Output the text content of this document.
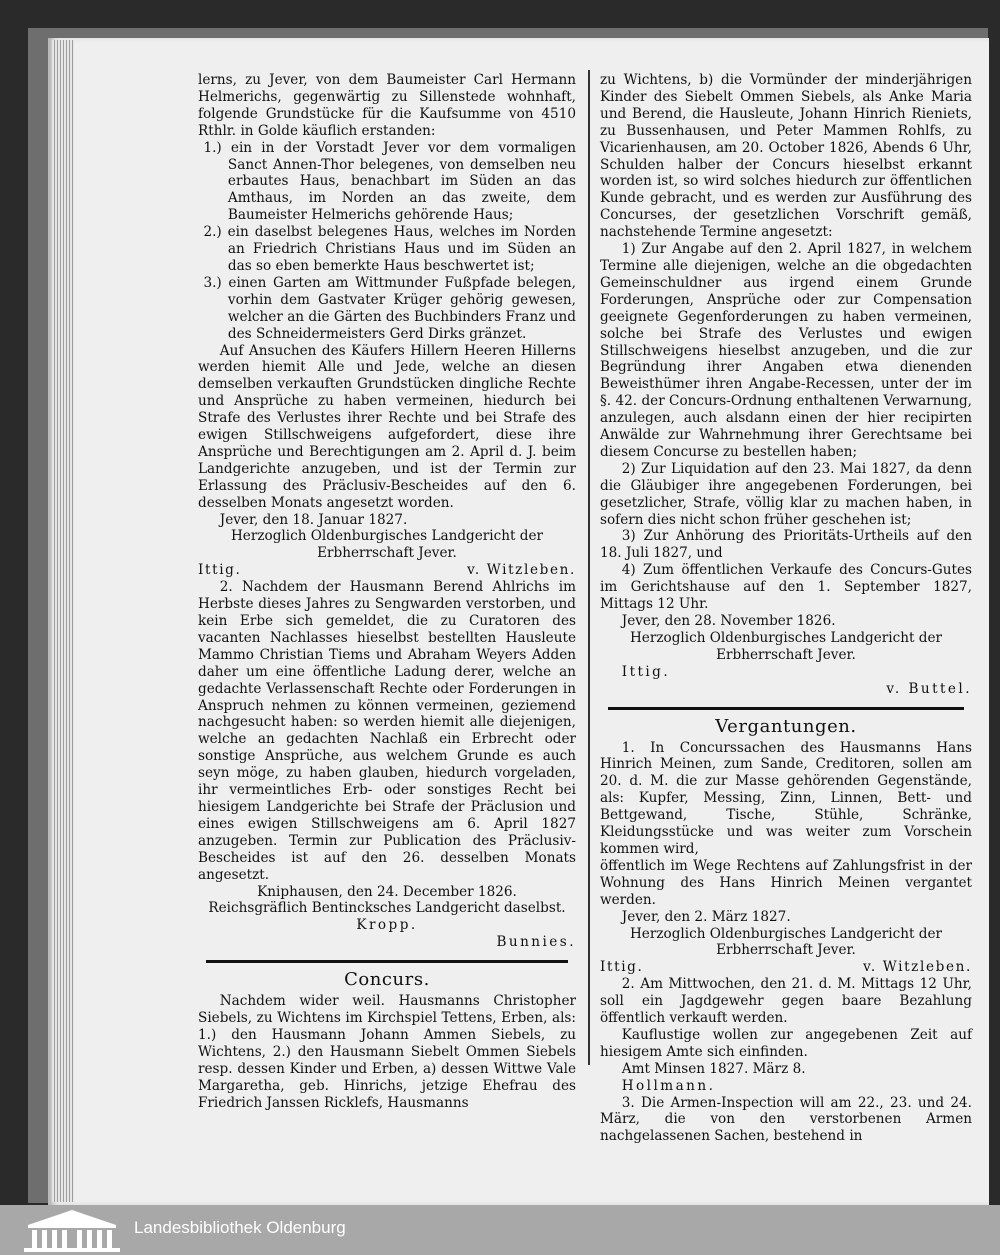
lerns, zu Jever, von dem Baumeister Carl Hermann Helmerichs, gegenwärtig zu Sillenstede wohnhaft, folgende Grundstücke für die Kaufsumme von 4510 Rthlr. in Golde käuflich erstanden:

1.) ein in der Vorstadt Jever vor dem vormaligen Sanct Annen-Thor belegenes, von demselben neu erbautes Haus, benachbart im Süden an das Amthaus, im Norden an das zweite, dem Baumeister Helmerichs gehörende Haus;

2.) ein daselbst belegenes Haus, welches im Norden an Friedrich Christians Haus und im Süden an das so eben bemerkte Haus beschwertet ist;

3.) einen Garten am Wittmunder Fußpfade belegen, vorhin dem Gastvater Krüger gehörig gewesen, welcher an die Gärten des Buchbinders Franz und des Schneidermeisters Gerd Dirks gränzet.

Auf Ansuchen des Käufers Hillern Heeren Hillerns werden hiemit Alle und Jede, welche an diesen demselben verkauften Grundstücken dingliche Rechte und Ansprüche zu haben vermeinen, hiedurch bei Strafe des Verlustes ihrer Rechte und bei Strafe des ewigen Stillschweigens aufgefordert, diese ihre Ansprüche und Berechtigungen am 2. April d. J. beim Landgerichte anzugeben, und ist der Termin zur Erlassung des Präclusiv-Bescheides auf den 6. desselben Monats angesetzt worden.

Jever, den 18. Januar 1827.

Herzoglich Oldenburgisches Landgericht der Erbherrschaft Jever.

Ittig.	v. Witzleben.

2. Nachdem der Hausmann Berend Ahlrichs im Herbste dieses Jahres zu Sengwarden verstorben, und kein Erbe sich gemeldet, die zu Curatoren des vacanten Nachlasses hieselbst bestellten Hausleute Mammo Christian Tiems und Abraham Weyers Adden daher um eine öffentliche Ladung derer, welche an gedachte Verlassenschaft Rechte oder Forderungen in Anspruch nehmen zu können vermeinen, geziemend nachgesucht haben: so werden hiemit alle diejenigen, welche an gedachten Nachlaß ein Erbrecht oder sonstige Ansprüche, aus welchem Grunde es auch seyn möge, zu haben glauben, hiedurch vorgeladen, ihr vermeintliches Erb- oder sonstiges Recht bei hiesigem Landgerichte bei Strafe der Präclusion und eines ewigen Stillschweigens am 6. April 1827 anzugeben. Termin zur Publication des Präclusiv-Bescheides ist auf den 26. desselben Monats angesetzt.

Kniphausen, den 24. December 1826.

Reichsgräflich Bentincksches Landgericht daselbst.

Kropp.

Bunnies.

Concurs.

Nachdem wider weil. Hausmanns Christopher Siebels, zu Wichtens im Kirchspiel Tettens, Erben, als: 1.) den Hausmann Johann Ammen Siebels, zu Wichtens, 2.) den Hausmann Siebelt Ommen Siebels resp. dessen Kinder und Erben, a) dessen Wittwe Vale Margaretha, geb. Hinrichs, jetzige Ehefrau des Friedrich Janssen Ricklefs, Hausmanns

zu Wichtens, b) die Vormünder der minderjährigen Kinder des Siebelt Ommen Siebels, als Anke Maria und Berend, die Hausleute, Johann Hinrich Rieniets, zu Bussenhausen, und Peter Mammen Rohlfs, zu Vicarienhausen, am 20. October 1826, Abends 6 Uhr, Schulden halber der Concurs hieselbst erkannt worden ist, so wird solches hiedurch zur öffentlichen Kunde gebracht, und es werden zur Ausführung des Concurses, der gesetzlichen Vorschrift gemäß, nachstehende Termine angesetzt:

1) Zur Angabe auf den 2. April 1827, in welchem Termine alle diejenigen, welche an die obgedachten Gemeinschuldner aus irgend einem Grunde Forderungen, Ansprüche oder zur Compensation geeignete Gegenforderungen zu haben vermeinen, solche bei Strafe des Verlustes und ewigen Stillschweigens hieselbst anzugeben, und die zur Begründung ihrer Angaben etwa dienenden Beweisthümer ihren Angabe-Recessen, unter der im §. 42. der Concurs-Ordnung enthaltenen Verwarnung, anzulegen, auch alsdann einen der hier recipirten Anwälde zur Wahrnehmung ihrer Gerechtsame bei diesem Concurse zu bestellen haben;

2) Zur Liquidation auf den 23. Mai 1827, da denn die Gläubiger ihre angegebenen Forderungen, bei gesetzlicher, Strafe, völlig klar zu machen haben, in sofern dies nicht schon früher geschehen ist;

3) Zur Anhörung des Prioritäts-Urtheils auf den 18. Juli 1827, und

4) Zum öffentlichen Verkaufe des Concurs-Gutes im Gerichtshause auf den 1. September 1827, Mittags 12 Uhr.

Jever, den 28. November 1826.

Herzoglich Oldenburgisches Landgericht der Erbherrschaft Jever.

Ittig.

v. Buttel.

Vergantungen.

1. In Concurssachen des Hausmanns Hans Hinrich Meinen, zum Sande, Creditoren, sollen am 20. d. M. die zur Masse gehörenden Gegenstände, als: Kupfer, Messing, Zinn, Linnen, Bett- und Bettgewand, Tische, Stühle, Schränke, Kleidungsstücke und was weiter zum Vorschein kommen wird,

öffentlich im Wege Rechtens auf Zahlungsfrist in der Wohnung des Hans Hinrich Meinen vergantet werden.

Jever, den 2. März 1827.

Herzoglich Oldenburgisches Landgericht der Erbherrschaft Jever.

Ittig.	v. Witzleben.

2. Am Mittwochen, den 21. d. M. Mittags 12 Uhr, soll ein Jagdgewehr gegen baare Bezahlung öffentlich verkauft werden.

Kauflustige wollen zur angegebenen Zeit auf hiesigem Amte sich einfinden.

Amt Minsen 1827. März 8.

Hollmann.

3. Die Armen-Inspection will am 22., 23. und 24. März, die von den verstorbenen Armen nachgelassenen Sachen, bestehend in

Landesbibliothek Oldenburg
